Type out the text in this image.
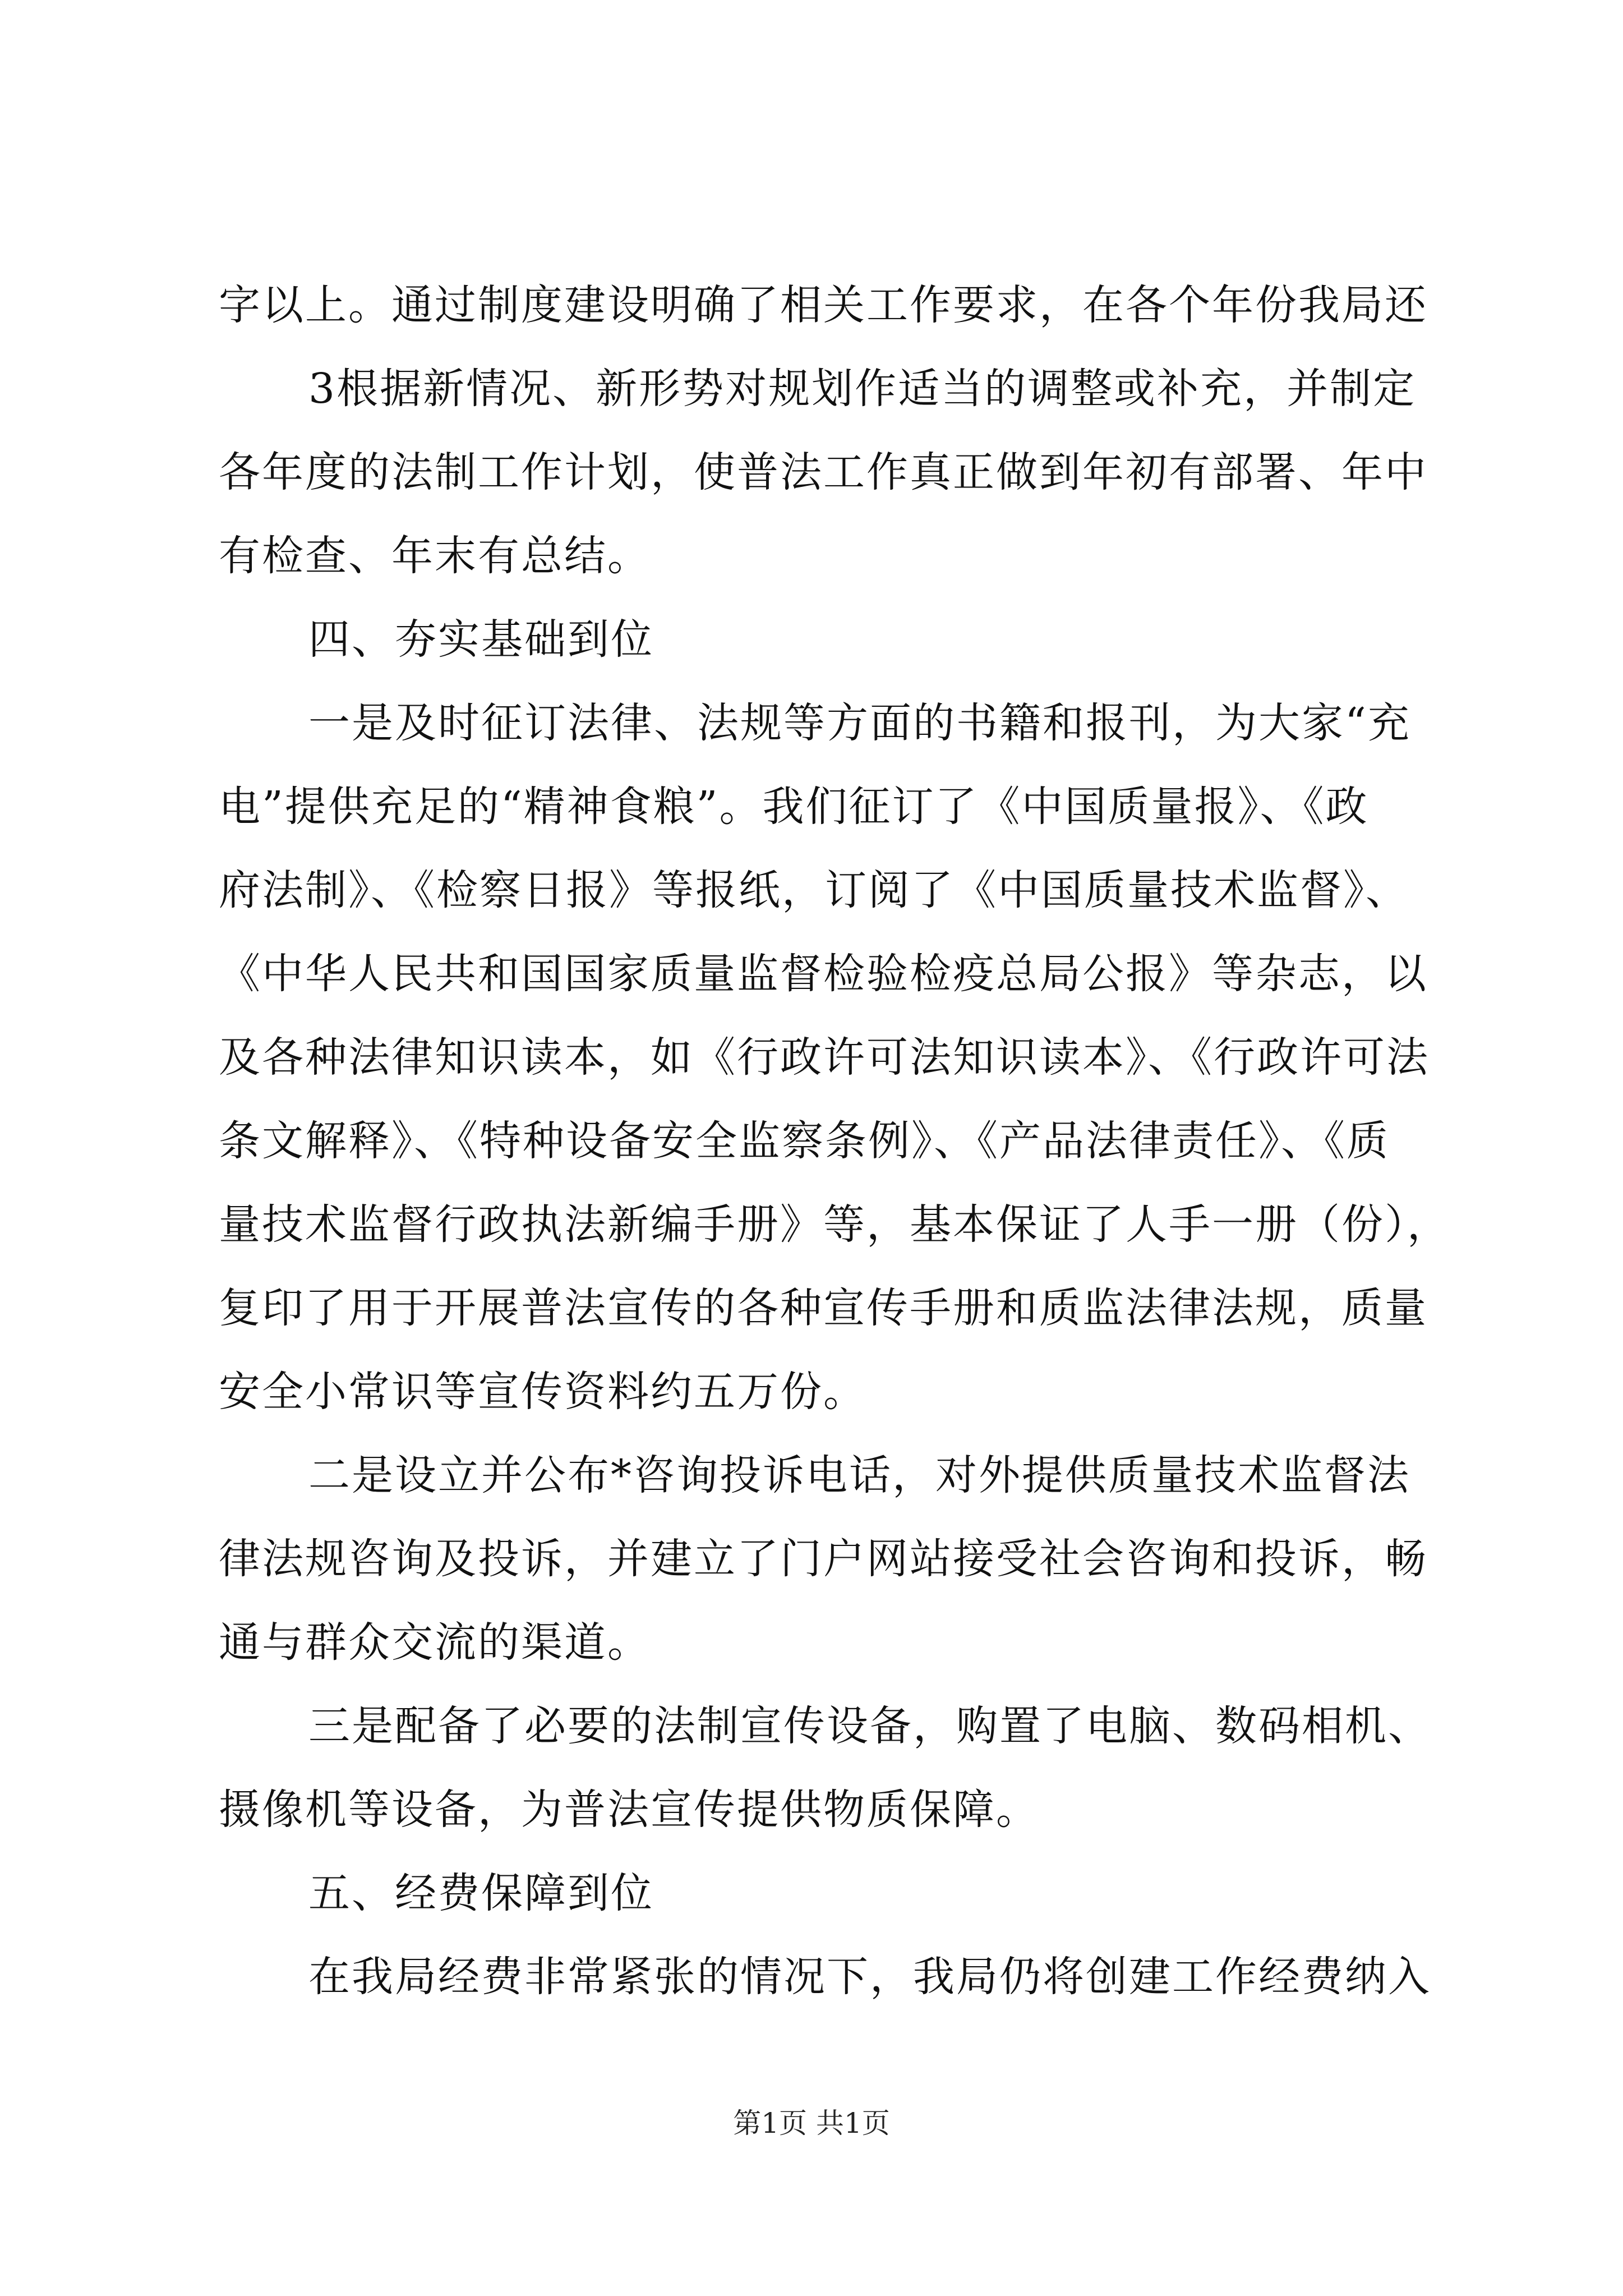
字以上。通过制度建设明确了相关工作要求，在各个年份我局还
3根据新情况、新形势对规划作适当的调整或补充，并制定
各年度的法制工作计划，使普法工作真正做到年初有部署、年中
有检查、年末有总结。
四、夯实基础到位
一是及时征订法律、法规等方面的书籍和报刊，为大家“充
电”提供充足的“精神食粮”。我们征订了《中国质量报》、《政
府法制》、《检察日报》等报纸，订阅了《中国质量技术监督》、
《中华人民共和国国家质量监督检验检疫总局公报》等杂志，以
及各种法律知识读本，如《行政许可法知识读本》、《行政许可法
条文解释》、《特种设备安全监察条例》、《产品法律责任》、《质
量技术监督行政执法新编手册》等，基本保证了人手一册（份），
复印了用于开展普法宣传的各种宣传手册和质监法律法规，质量
安全小常识等宣传资料约五万份。
二是设立并公布*咨询投诉电话，对外提供质量技术监督法
律法规咨询及投诉，并建立了门户网站接受社会咨询和投诉，畅
通与群众交流的渠道。
三是配备了必要的法制宣传设备，购置了电脑、数码相机、
摄像机等设备，为普法宣传提供物质保障。
五、经费保障到位
在我局经费非常紧张的情况下，我局仍将创建工作经费纳入
第1页 共1页
